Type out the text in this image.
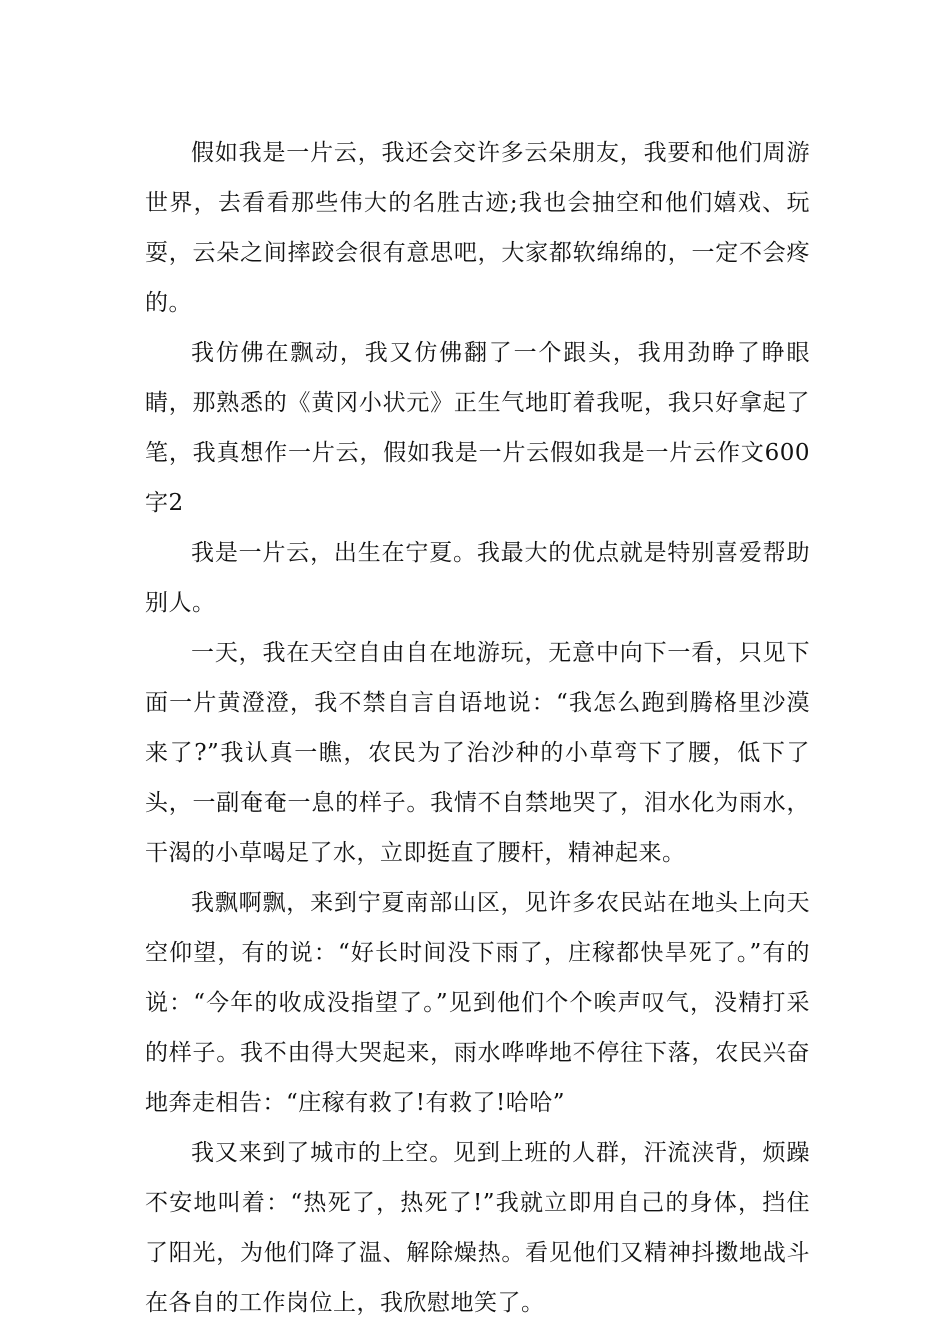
假如我是一片云，我还会交许多云朵朋友，我要和他们周游世界，去看看那些伟大的名胜古迹;我也会抽空和他们嬉戏、玩耍，云朵之间摔跤会很有意思吧，大家都软绵绵的，一定不会疼的。

我仿佛在飘动，我又仿佛翻了一个跟头，我用劲睁了睁眼睛，那熟悉的《黄冈小状元》正生气地盯着我呢，我只好拿起了笔，我真想作一片云，假如我是一片云假如我是一片云作文600字2

我是一片云，出生在宁夏。我最大的优点就是特别喜爱帮助别人。

一天，我在天空自由自在地游玩，无意中向下一看，只见下面一片黄澄澄，我不禁自言自语地说：“我怎么跑到腾格里沙漠来了?”我认真一瞧，农民为了治沙种的小草弯下了腰，低下了头，一副奄奄一息的样子。我情不自禁地哭了，泪水化为雨水，干渴的小草喝足了水，立即挺直了腰杆，精神起来。

我飘啊飘，来到宁夏南部山区，见许多农民站在地头上向天空仰望，有的说：“好长时间没下雨了，庄稼都快旱死了。”有的说：“今年的收成没指望了。”见到他们个个唉声叹气，没精打采的样子。我不由得大哭起来，雨水哗哗地不停往下落，农民兴奋地奔走相告：“庄稼有救了!有救了!哈哈”

我又来到了城市的上空。见到上班的人群，汗流浃背，烦躁不安地叫着：“热死了，热死了!”我就立即用自己的身体，挡住了阳光，为他们降了温、解除燥热。看见他们又精神抖擞地战斗在各自的工作岗位上，我欣慰地笑了。
